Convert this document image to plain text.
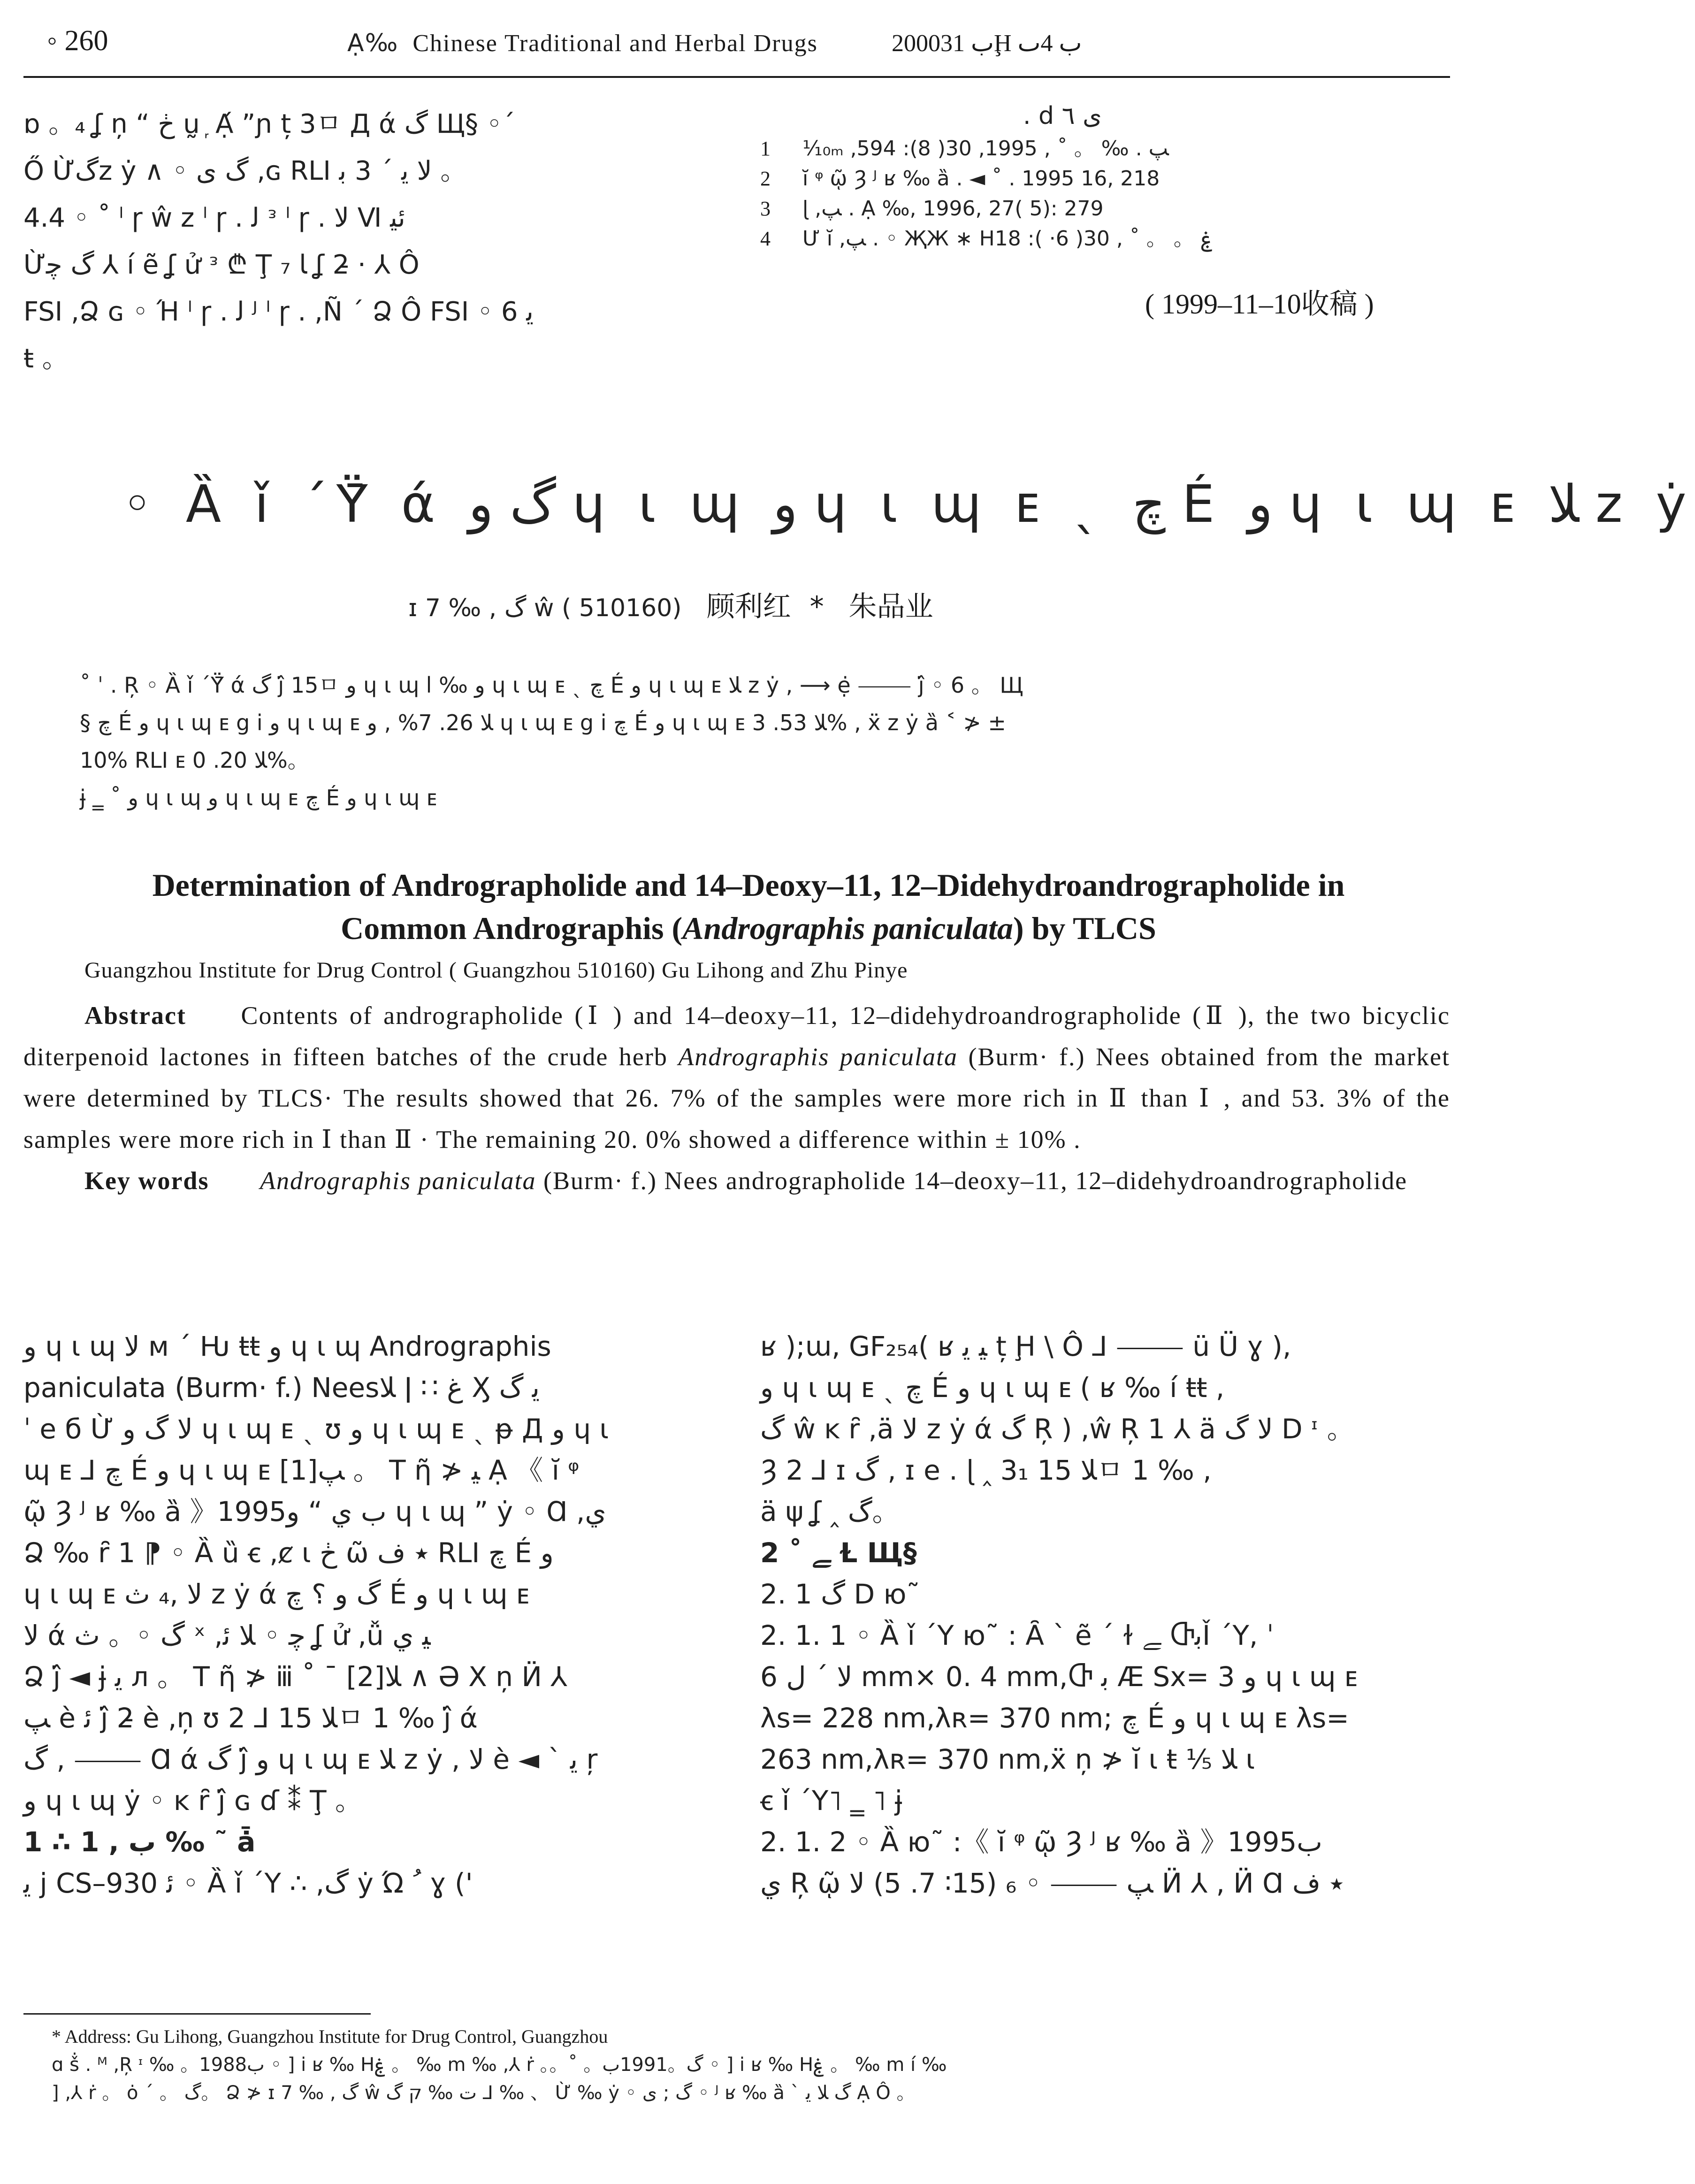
◦ 260	Ạ‰ Chinese Traditional and Herbal Drugs	2000ب 31Ḩ ب 4ٮ
ɒ 。₄ ʆ ņ “ ڂ ṵ ᷊ Ạ́ ”ɲ ț 3ㅁ Д ά گ Щ§ ◦´
Ő Ừگz ẏ ∧ ◦ گ ى ,ɢ RLI ﻻ ﯾ ´ 3 ﺑ 。
4.4 ◦ ˚ ˡ ɼ ŵ z ˡ ɼ . ﻟ ᵌ ˡ ɼ . ﻻ Ⅵ ﺋﻴ
Ừگ ﭼ ⅄ í ẽ ʆ ử ᵌ ₾ Ţ ₇ ﺎ ʆ 2̵ · ⅄ Ô
FSI ,Ձ ɢ ◦ Ή ˡ ɼ . ﻟ ᴶ ˡ ɼ . ,Ñ ´ Ձ Ô FSI ◦ 6 ﯾ
ŧ 。
. d ى ٦
1 ⅟₁₀ₘ ,ﭗ . ‰ 。 ˚ , 1995, 30( 8): 594
2 ĭ ᵠ ῷ Ȝ ᴶ ʁ ‰ ȁ . ◄ ˚ . 1995 16, 218
3 ɭ ,ﭗ . Ạ ‰, 1996, 27( 5): 279
4 Ư ĭ ,ﭗ . ◦ ҖЖ ∗ Ηۼ 。 。 ˚ , 30( 6· ): 18
( 1999–11–10收稿 )
◦ Ȁ ǐ ˊΫ̄ ά گ ﻭ ɥ ɩ ɰ ﻭ ɥ ɩ ɰ ᴇ ˎ ﭺ É ﻭ ɥ ɩ ɰ ᴇ ﻼ z ẏ
ɪ 7 ‰ , گ ŵ ( 510160) 顾利红 * 朱品业
˚ ˈ . Ŗ ◦ Ȁ ǐ ˊΫ̄ ά گ ĵ̇ 15ㅁ ﻭ ɥ ɩ ɰ l ‰ ﻭ ɥ ɩ ɰ ᴇ ˎ ﭺ É ﻭ ɥ ɩ ɰ ᴇ ﻼ z ẏ , ⟶ ẹ̇ ⸻ ĵ̇ ◦ 6 。 Щ
§ ﭺ É ﻭ ɥ ɩ ɰ ᴇ g i ﻭ ɥ ɩ ɰ ᴇ ﻼ 26. 7% , ﻭ ɥ ɩ ɰ ᴇ g i ﭺ É ﻭ ɥ ɩ ɰ ᴇ ﻼ 53. 3% , ẍ z ẏ ȁ ˂ ≯ ±
10% RLI ᴇ ﻼ 20. 0%。
ɉ ‗ ˚ ﻭ ɥ ɩ ɰ ﻭ ɥ ɩ ɰ ᴇ ﭺ É ﻭ ɥ ɩ ɰ ᴇ
Determination of Andrographolide and 14–Deoxy–11, 12–Didehydroandrographolide in
Common Andrographis (Andrographis paniculata) by TLCS
Guangzhou Institute for Drug Control ( Guangzhou 510160) Gu Lihong and Zhu Pinye
Abstract Contents of andrographolide (Ⅰ ) and 14–deoxy–11, 12–didehydroandrographolide (Ⅱ ), the two bicyclic diterpenoid lactones in fifteen batches of the crude herb Andrographis paniculata (Burm· f.) Nees obtained from the market were determined by TLCS· The results showed that 26. 7% of the samples were more rich in Ⅱ than Ⅰ , and 53. 3% of the samples were more rich in Ⅰ than Ⅱ · The remaining 20. 0% showed a difference within ± 10% .
Key words Andrographis paniculata (Burm· f.) Nees andrographolide 14–deoxy–11, 12–didehydroandrographolide
ﻭ ɥ ɩ ɰ ﻻ ᴍ ˊ Ƕ ŧŧ ﻭ ɥ ɩ ɰ Andrographis
paniculata (Burm· f.) Neesﻼ ǀ ∷ ﻍ Ӽ ﯾ گ
ˈ e б Ừ ﻻ گ ﻭ ɥ ɩ ɰ ᴇ ˎ ʊ ﻭ ɥ ɩ ɰ ᴇ ˎ ᵽ Д ﻭ ɥ ɩ
ɰ ᴇ ⅃ ﭺ É ﻭ ɥ ɩ ɰ ᴇ [1]ﭗ 。 Т ῆ ≯ ﯿ Ạ 《 ĭ ᵠ
ῷ Ȝ ᴶ ʁ ‰ ȁ 》1995ب ي “ ﻭ ɥ ɩ ɰ ” ẏ ◦ Ɑ ,ي
Ձ ‰ ȓ 1 ⁋ ◦ Ȁ ȕ ꞓ ,ȼ ɩ ڂ ῶ ٭ ﻑ RLI ﭺ É ﻭ
ɥ ɩ ɰ ᴇ ﻻ ,₄ ﺙ z ẏ ά گ ﻭ ؟ ﭺ É ﻭ ɥ ɩ ɰ ᴇ
ﻻ ά گ ◦。 ﺙ ˣ ,ﭼ ◦ ﻼ ﺋ ʆ ử ,ǚ ﻴ ي
Ձ ĵ̇ ◄ ɉ ﯾ л 。 Т ῆ ≯ ⅲ ˚ ˉ [2]ﻼ ∧ Ə Χ ņ Ӥ ⅄
ﭗ è ﺋ ĵ̇ 2̵ è ,ņ ʊ 2 ⅃ ﻼ 15ㅁ 1 ‰ ĵ̇ ά
گ , ⸻ Ɑ ά گ ĵ̇ ﻭ ɥ ɩ ɰ ᴇ ﻼ z ẏ , ﻻ è ◄ ˋ ﯾ ŗ
ﻭ ɥ ɩ ɰ ẏ ◦ ĸ ȓ ĵ̇ ɢ ɗ ⁑ Ţ 。
1 ∴ ب , 1 ‰ ˜ ǡ
ﯾ j CS–930 ﺋ ◦ Ȁ ǐ ˊΥ ∴ ,گ ẏ Ώ ﹸ ɣ ('
ʁ );ɯ, GF₂₅₄( ʁ ﯿ ﯾ ț Ḩ \ Ô ⅃ ⸻ ü Ü ɣ ),
ﻭ ɥ ɩ ɰ ᴇ ˎ ﭺ É ﻭ ɥ ɩ ɰ ᴇ ( ʁ ‰ í ŧŧ ,
گ ŵ ĸ ȓ ,ä ﻻ z ẏ ά گ Ŗ ) ,ŵ Ŗ 1 ⅄ ä ﻻ گ D ᶦ 。
Ȝ 2 ⅃ ɪ گ , ɪ e . ɭ ‸ 3₁ ﻼ 15ㅁ 1 ‰ ,
ä ψ ʆ ‸ گ。
2 ˚ ﮯ Ɫ Щ§
2. 1 گ D ю˜
2. 1. 1 ◦ Ȁ ǐ ˊΥ ю˜ : Ȃ ˋ ẽ ˊ ɫ ﮯ ႧﺑǏ ˊΥ, ˈ
ﻻ ˊ ﻝ 6 mm× 0. 4 mm,Ⴇ ﺑ Æ Sx= 3 ﻭ ɥ ɩ ɰ ᴇ
λs= 228 nm,λʀ= 370 nm; ﭺ É ﻭ ɥ ɩ ɰ ᴇ λs=
263 nm,λʀ= 370 nm,ẍ ņ ≯ ĭ ɩ ŧ ⅕ ﻼ ɩ
ꞓ ǐ ˊΥ˥ ‗ ˥ ɉ
2. 1. 2 ◦ Ȁ ю˜ :《 ĭ ᵠ ῷ Ȝ ᴶ ʁ ‰ ȁ 》1995ب
ي Ŗ ῷ ﭗ ⸻ ◦ ₆ (15∶ 7. 5) ﻻ Ӥ ⅄ , Ӥ Ɑ ٭ ﻑ
* Address: Gu Lihong, Guangzhou Institute for Drug Control, Guangzhou
ɑ ṧ . ᴹ ,Ŗ ᶦ ‰ 。1988ب ◦ ] i ʁ ‰ Ηۼ 。 ‰ m ‰ ,⅄ ṙ 。。˚ 。گ。1991ب ◦ ] i ʁ ‰ Ηۼ 。 ‰ m í ‰
] ,⅄ ṙ 。 ȯ ˊ 。 گ。 Ձ ≯ ɪ 7 ‰ , گ ŵ ﺕ ‰ ק گ ⅃ ‰ 、 Ừ ‰ ẏ ◦ گ ; ى ◦ ᴶ ʁ ‰ ȁ ˋ گ ﻼ ﯾ Ạ Ô 。
